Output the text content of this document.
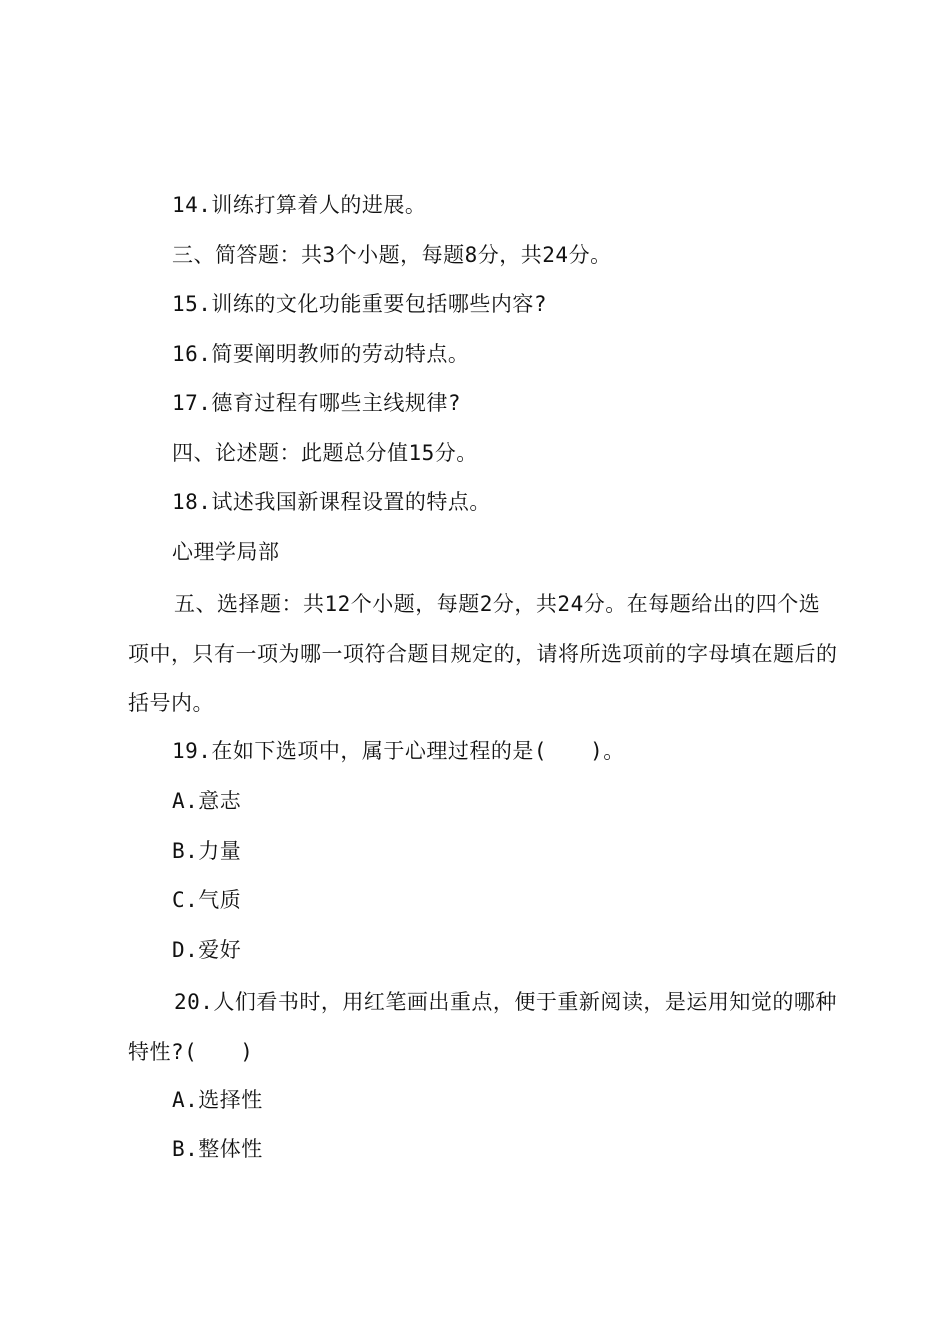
14.训练打算着人的进展。
三、简答题：共3个小题，每题8分，共24分。
15.训练的文化功能重要包括哪些内容?
16.简要阐明教师的劳动特点。
17.德育过程有哪些主线规律?
四、论述题：此题总分值15分。
18.试述我国新课程设置的特点。
心理学局部
五、选择题：共12个小题，每题2分，共24分。在每题给出的四个选项中，只有一项为哪一项符合题目规定的，请将所选项前的字母填在题后的括号内。
19.在如下选项中，属于心理过程的是(　　)。
A.意志
B.力量
C.气质
D.爱好
20.人们看书时，用红笔画出重点，便于重新阅读，是运用知觉的哪种特性?(　　)
A.选择性
B.整体性
